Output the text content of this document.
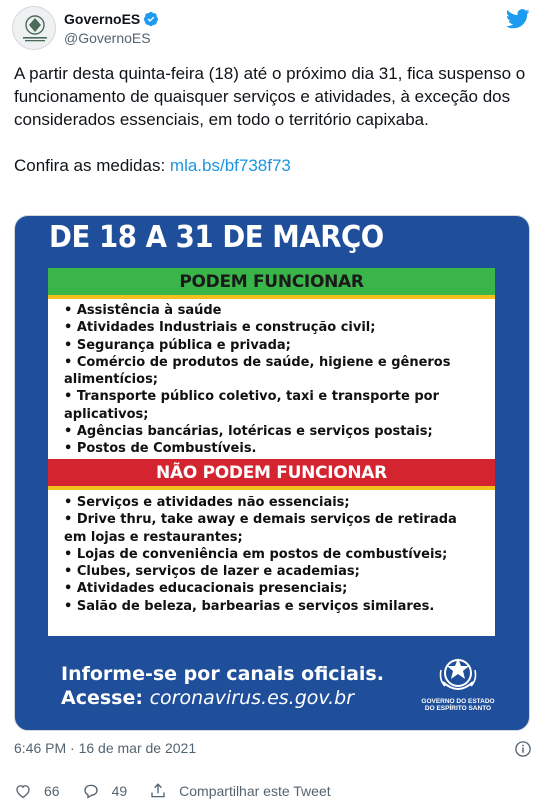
GovernoES
@GovernoES

A partir desta quinta-feira (18) até o próximo dia 31, fica suspenso o funcionamento de quaisquer serviços e atividades, à exceção dos considerados essenciais, em todo o território capixaba.

Confira as medidas: mla.bs/bf738f73

DE 18 A 31 DE MARÇO
PODEM FUNCIONAR
• Assistência à saúde
• Atividades Industriais e construção civil;
• Segurança pública e privada;
• Comércio de produtos de saúde, higiene e gêneros alimentícios;
• Transporte público coletivo, taxi e transporte por aplicativos;
• Agências bancárias, lotéricas e serviços postais;
• Postos de Combustíveis.
NÃO PODEM FUNCIONAR
• Serviços e atividades não essenciais;
• Drive thru, take away e demais serviços de retirada em lojas e restaurantes;
• Lojas de conveniência em postos de combustíveis;
• Clubes, serviços de lazer e academias;
• Atividades educacionais presenciais;
• Salão de beleza, barbearias e serviços similares.
Informe-se por canais oficiais.
Acesse: coronavirus.es.gov.br	GOVERNO DO ESTADO
DO ESPÍRITO SANTO
6:46 PM · 16 de mar de 2021
66	49	Compartilhar este Tweet
